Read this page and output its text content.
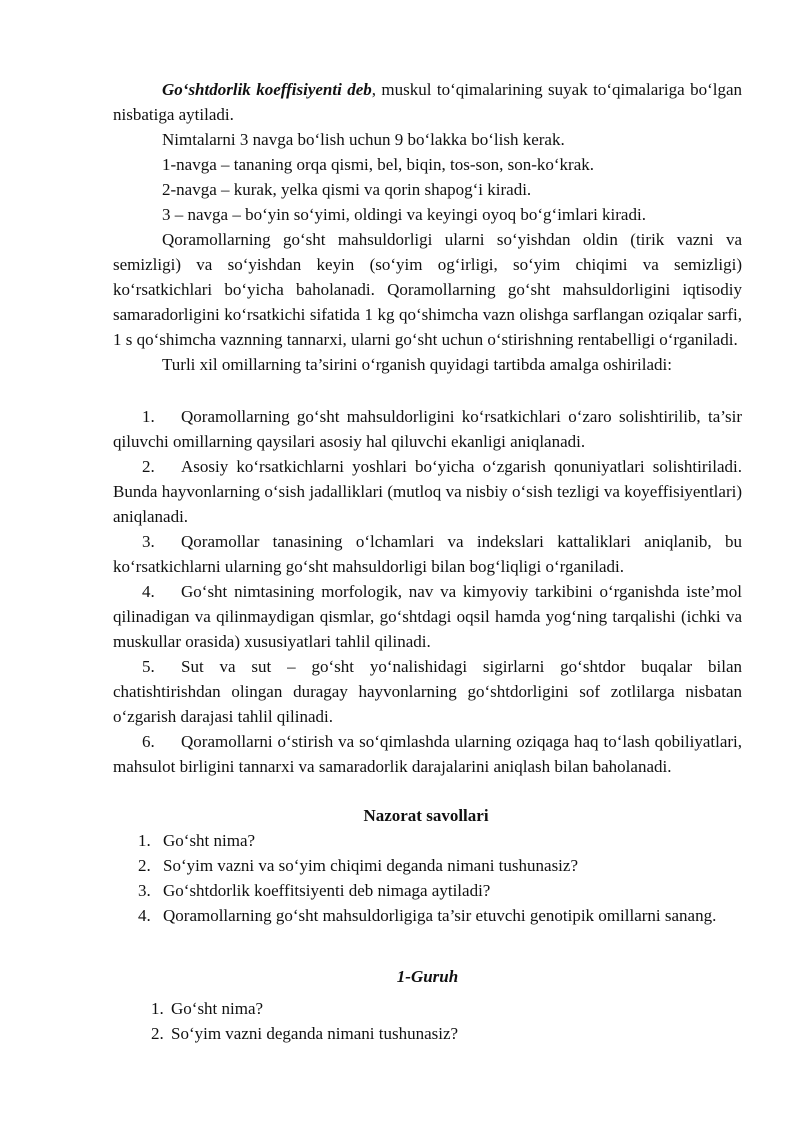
Go‘shtdorlik koeffisiyenti deb, muskul to‘qimalarining suyak to‘qimalariga bo‘lgan nisbatiga aytiladi.

Nimtalarni 3 navga bo‘lish uchun 9 bo‘lakka bo‘lish kerak.

1-navga – tananing orqa qismi, bel, biqin, tos-son, son-ko‘krak.

2-navga – kurak, yelka qismi va qorin shapog‘i kiradi.

3 – navga – bo‘yin so‘yimi, oldingi va keyingi oyoq bo‘g‘imlari kiradi.

Qoramollarning go‘sht mahsuldorligi ularni so‘yishdan oldin (tirik vazni va semizligi) va so‘yishdan keyin (so‘yim og‘irligi, so‘yim chiqimi va semizligi) ko‘rsatkichlari bo‘yicha baholanadi. Qoramollarning go‘sht mahsuldorligini iqtisodiy samaradorligini ko‘rsatkichi sifatida 1 kg qo‘shimcha vazn olishga sarflangan oziqalar sarfi, 1 s qo‘shimcha vaznning tannarxi, ularni go‘sht uchun o‘stirishning rentabelligi o‘rganiladi.

Turli xil omillarning ta’sirini o‘rganish quyidagi tartibda amalga oshiriladi:

1. Qoramollarning go‘sht mahsuldorligini ko‘rsatkichlari o‘zaro solishtirilib, ta’sir qiluvchi omillarning qaysilari asosiy hal qiluvchi ekanligi aniqlanadi.

2. Asosiy ko‘rsatkichlarni yoshlari bo‘yicha o‘zgarish qonuniyatlari solishtiriladi. Bunda hayvonlarning o‘sish jadalliklari (mutloq va nisbiy o‘sish tezligi va koyeffisiyentlari) aniqlanadi.

3. Qoramollar tanasining o‘lchamlari va indekslari kattaliklari aniqlanib, bu ko‘rsatkichlarni ularning go‘sht mahsuldorligi bilan bog‘liqligi o‘rganiladi.

4. Go‘sht nimtasining morfologik, nav va kimyoviy tarkibini o‘rganishda iste’mol qilinadigan va qilinmaydigan qismlar, go‘shtdagi oqsil hamda yog‘ning tarqalishi (ichki va muskullar orasida) xususiyatlari tahlil qilinadi.

5. Sut va sut – go‘sht yo‘nalishidagi sigirlarni go‘shtdor buqalar bilan chatishtirishdan olingan duragay hayvonlarning go‘shtdorligini sof zotlilarga nisbatan o‘zgarish darajasi tahlil qilinadi.

6. Qoramollarni o‘stirish va so‘qimlashda ularning oziqaga haq to‘lash qobiliyatlari, mahsulot birligini tannarxi va samaradorlik darajalarini aniqlash bilan baholanadi.

Nazorat savollari

1. Go‘sht nima?

2. So‘yim vazni va so‘yim chiqimi deganda nimani tushunasiz?

3. Go‘shtdorlik koeffitsiyenti deb nimaga aytiladi?

4. Qoramollarning go‘sht mahsuldorligiga ta’sir etuvchi genotipik omillarni sanang.

1-Guruh

1. Go‘sht nima?

2. So‘yim vazni deganda nimani tushunasiz?
